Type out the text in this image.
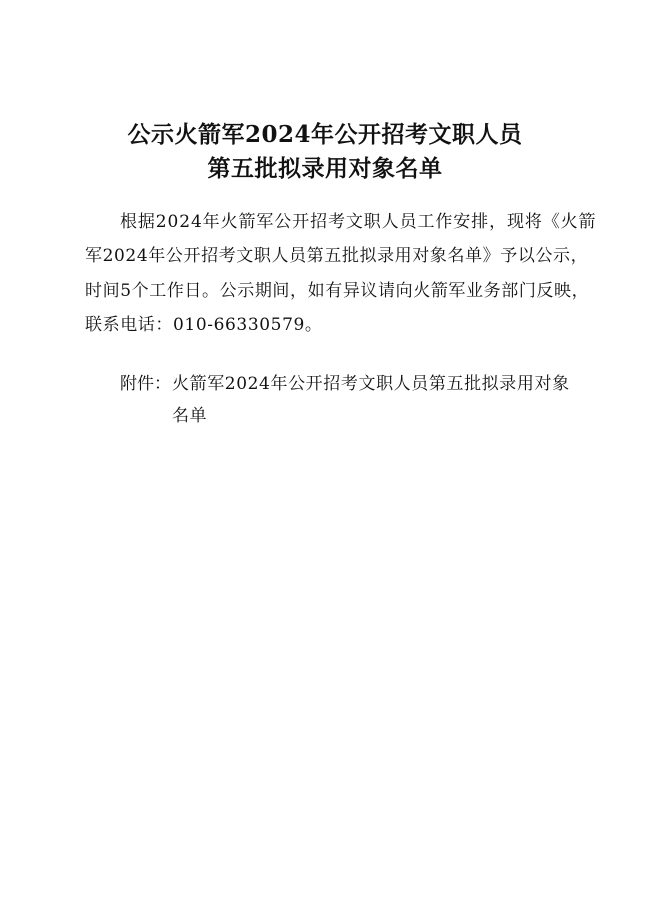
公示火箭军2024年公开招考文职人员
第五批拟录用对象名单
根据2024年火箭军公开招考文职人员工作安排，现将《火箭
军2024年公开招考文职人员第五批拟录用对象名单》予以公示，
时间5个工作日。公示期间，如有异议请向火箭军业务部门反映，
联系电话：010-66330579。
附件： 火箭军2024年公开招考文职人员第五批拟录用对象
名单
